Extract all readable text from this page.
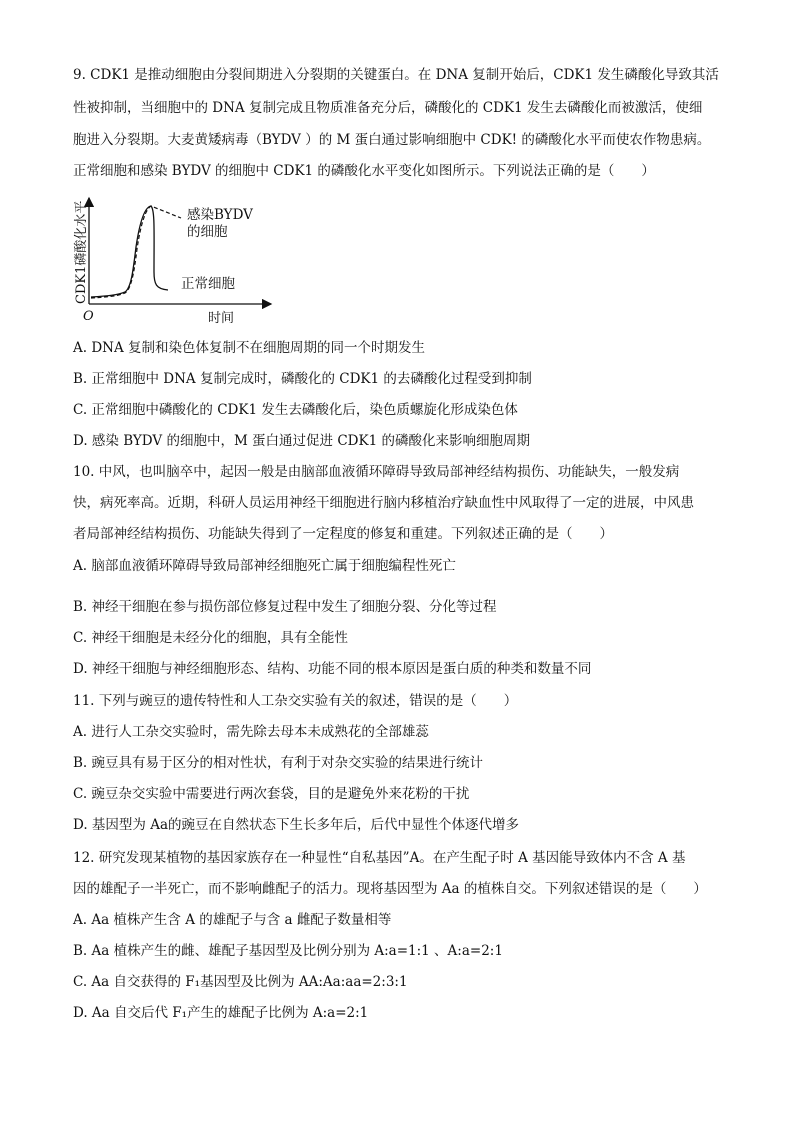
9. CDK1 是推动细胞由分裂间期进入分裂期的关键蛋白。在 DNA 复制开始后，CDK1 发生磷酸化导致其活
性被抑制，当细胞中的 DNA 复制完成且物质准备充分后，磷酸化的 CDK1 发生去磷酸化而被激活，使细
胞进入分裂期。大麦黄矮病毒（BYDV ）的 M 蛋白通过影响细胞中 CDK! 的磷酸化水平而使农作物患病。
正常细胞和感染 BYDV 的细胞中 CDK1 的磷酸化水平变化如图所示。下列说法正确的是（　　）
CDK1磷酸化水平
O	时间
感染BYDV
的细胞
正常细胞
A. DNA 复制和染色体复制不在细胞周期的同一个时期发生
B. 正常细胞中 DNA 复制完成时，磷酸化的 CDK1 的去磷酸化过程受到抑制
C. 正常细胞中磷酸化的 CDK1 发生去磷酸化后，染色质螺旋化形成染色体
D. 感染 BYDV 的细胞中，M 蛋白通过促进 CDK1 的磷酸化来影响细胞周期
10. 中风，也叫脑卒中，起因一般是由脑部血液循环障碍导致局部神经结构损伤、功能缺失，一般发病
快，病死率高。近期，科研人员运用神经干细胞进行脑内移植治疗缺血性中风取得了一定的进展，中风患
者局部神经结构损伤、功能缺失得到了一定程度的修复和重建。下列叙述正确的是（　　）
A. 脑部血液循环障碍导致局部神经细胞死亡属于细胞编程性死亡
B. 神经干细胞在参与损伤部位修复过程中发生了细胞分裂、分化等过程
C. 神经干细胞是未经分化的细胞，具有全能性
D. 神经干细胞与神经细胞形态、结构、功能不同的根本原因是蛋白质的种类和数量不同
11. 下列与豌豆的遗传特性和人工杂交实验有关的叙述，错误的是（　　）
A. 进行人工杂交实验时，需先除去母本未成熟花的全部雄蕊
B. 豌豆具有易于区分的相对性状，有利于对杂交实验的结果进行统计
C. 豌豆杂交实验中需要进行两次套袋，目的是避免外来花粉的干扰
D. 基因型为 Aa的豌豆在自然状态下生长多年后，后代中显性个体逐代增多
12. 研究发现某植物的基因家族存在一种显性“自私基因”A。在产生配子时 A 基因能导致体内不含 A 基
因的雄配子一半死亡，而不影响雌配子的活力。现将基因型为 Aa 的植株自交。下列叙述错误的是（　　）
A. Aa 植株产生含 A 的雄配子与含 a 雌配子数量相等
B. Aa 植株产生的雌、雄配子基因型及比例分别为 A:a=1:1 、A:a=2:1
C. Aa 自交获得的 F₁基因型及比例为 AA:Aa:aa=2:3:1
D. Aa 自交后代 F₁产生的雄配子比例为 A:a=2:1
